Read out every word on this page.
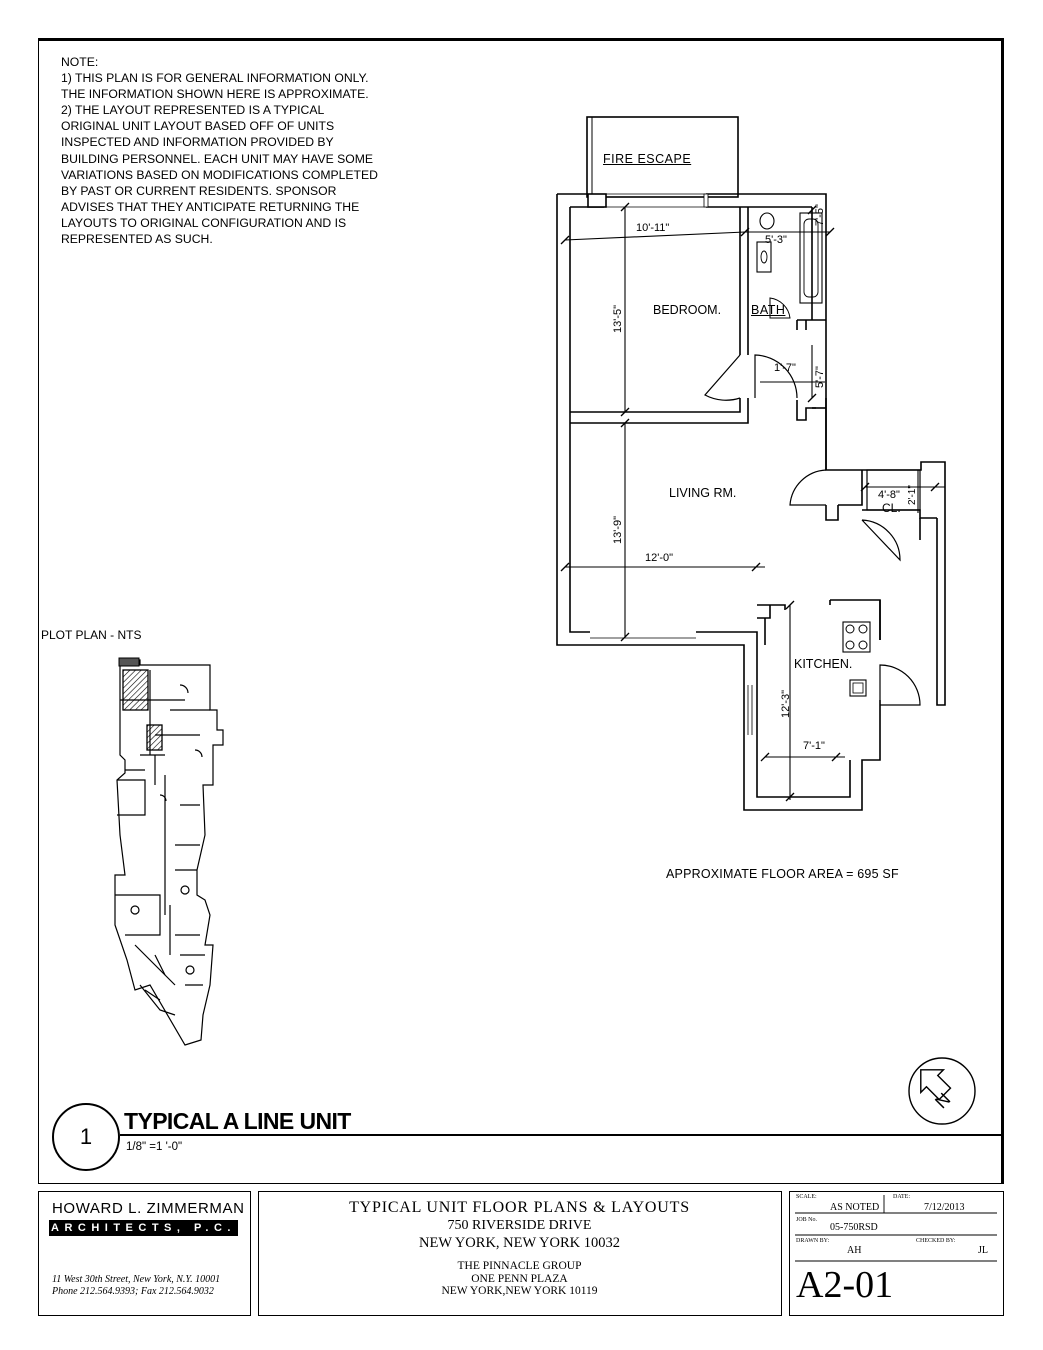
NOTE:
1) THIS PLAN IS FOR GENERAL INFORMATION ONLY. THE INFORMATION SHOWN HERE IS APPROXIMATE.
2) THE LAYOUT REPRESENTED IS A TYPICAL ORIGINAL UNIT LAYOUT BASED OFF OF UNITS INSPECTED AND INFORMATION PROVIDED BY BUILDING PERSONNEL. EACH UNIT MAY HAVE SOME VARIATIONS BASED ON MODIFICATIONS COMPLETED BY PAST OR CURRENT RESIDENTS. SPONSOR ADVISES THAT THEY ANTICIPATE RETURNING THE LAYOUTS TO ORIGINAL CONFIGURATION AND IS REPRESENTED AS SUCH.
FIRE ESCAPE
BEDROOM. BATH
LIVING RM.
CL.
KITCHEN.
10'-11"
5'-3"
7'-5"
13'-5"
1'-7" 5'-7"
13'-9"
12'-0"
4'-8" 2'-1"
7'-1"
12'-3"
APPROXIMATE FLOOR AREA = 695 SF
PLOT PLAN - NTS
N
1
TYPICAL A LINE UNIT
1/8" =1 '-0"
HOWARD L. ZIMMERMAN
ARCHITECTS, P.C.
11 West 30th Street, New York, N.Y. 10001
Phone 212.564.9393; Fax 212.564.9032
TYPICAL UNIT FLOOR PLANS & LAYOUTS
750 RIVERSIDE DRIVE
NEW YORK, NEW YORK 10032
THE PINNACLE GROUP
ONE PENN PLAZA
NEW YORK,NEW YORK 10119
SCALE:
AS NOTED
DATE:
7/12/2013
JOB No.
05-750RSD
DRAWN BY:
AH
CHECKED BY:
JL
A2-01
